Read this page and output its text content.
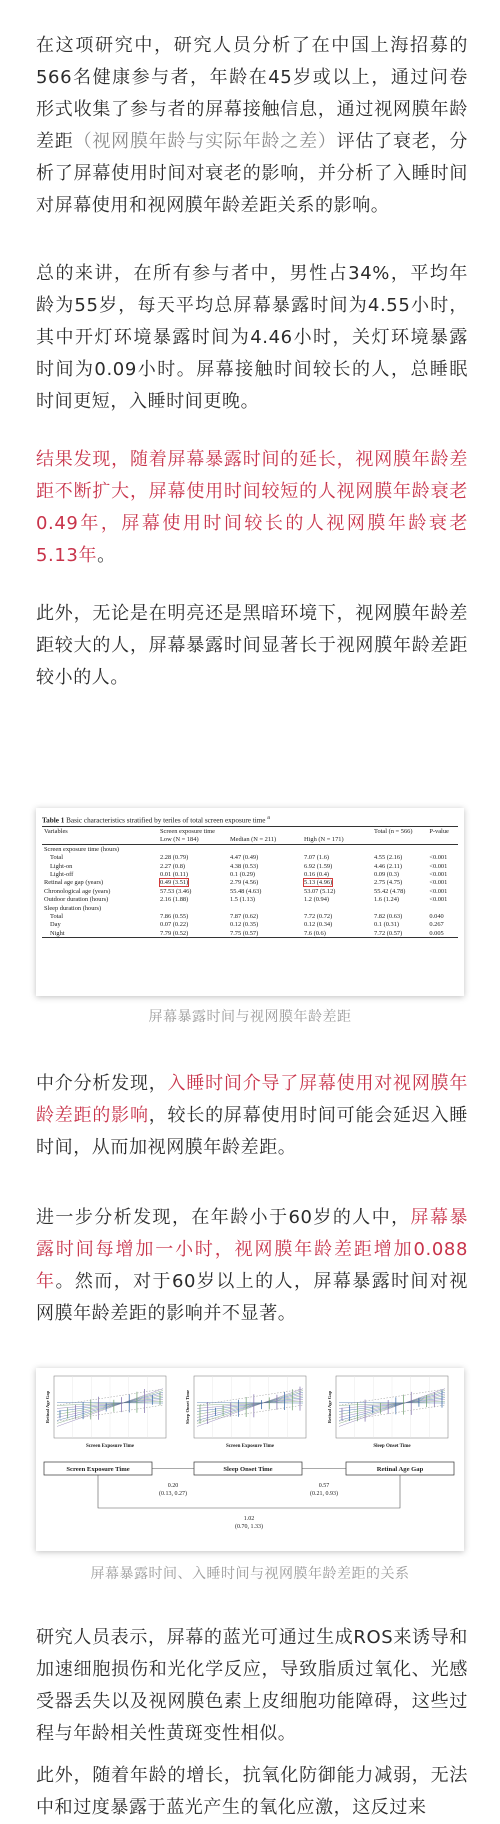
在这项研究中，研究人员分析了在中国上海招募的566名健康参与者，年龄在45岁或以上，通过问卷形式收集了参与者的屏幕接触信息，通过视网膜年龄差距（视网膜年龄与实际年龄之差）评估了衰老，分析了屏幕使用时间对衰老的影响，并分析了入睡时间对屏幕使用和视网膜年龄差距关系的影响。

总的来讲，在所有参与者中，男性占34%，平均年龄为55岁，每天平均总屏幕暴露时间为4.55小时，其中开灯环境暴露时间为4.46小时，关灯环境暴露时间为0.09小时。屏幕接触时间较长的人，总睡眠时间更短，入睡时间更晚。

结果发现，随着屏幕暴露时间的延长，视网膜年龄差距不断扩大，屏幕使用时间较短的人视网膜年龄衰老0.49年，屏幕使用时间较长的人视网膜年龄衰老5.13年。

此外，无论是在明亮还是黑暗环境下，视网膜年龄差距较大的人，屏幕暴露时间显著长于视网膜年龄差距较小的人。

Table 1 Basic characteristics stratified by teriles of total screen exposure time $^a$
Variables	Screen exposure time			Total (n = 566)	P-value
	Low (N = 184)	Median (N = 211)	High (N = 171)		
Screen exposure time (hours)					
Total	2.28 (0.79)	4.47 (0.49)	7.07 (1.6)	4.55 (2.16)	<0.001
Light-on	2.27 (0.8)	4.38 (0.53)	6.92 (1.59)	4.46 (2.11)	<0.001
Light-off	0.01 (0.11)	0.1 (0.29)	0.16 (0.4)	0.09 (0.3)	<0.001
Retinal age gap (years)	0.49 (3.51)	2.79 (4.56)	5.13 (4.96)	2.75 (4.75)	<0.001
Chronological age (years)	57.53 (3.46)	55.48 (4.63)	53.07 (5.12)	55.42 (4.78)	<0.001
Outdoor duration (hours)	2.16 (1.88)	1.5 (1.13)	1.2 (0.94)	1.6 (1.24)	<0.001
Sleep duration (hours)					
Total	7.86 (0.55)	7.87 (0.62)	7.72 (0.72)	7.82 (0.63)	0.040
Day	0.07 (0.22)	0.12 (0.35)	0.12 (0.34)	0.1 (0.31)	0.267
Night	7.79 (0.52)	7.75 (0.57)	7.6 (0.6)	7.72 (0.57)	0.005
屏幕暴露时间与视网膜年龄差距

中介分析发现，入睡时间介导了屏幕使用对视网膜年龄差距的影响，较长的屏幕使用时间可能会延迟入睡时间，从而加视网膜年龄差距。

进一步分析发现，在年龄小于60岁的人中，屏幕暴露时间每增加一小时，视网膜年龄差距增加0.088年。然而，对于60岁以上的人，屏幕暴露时间对视网膜年龄差距的影响并不显著。

Retinal Age Gap
Screen Exposure Time
Sleep Onset Time
Screen Exposure Time
Retinal Age Gap
Sleep Onset Time
Screen Exposure Time	Sleep Onset Time	Retinal Age Gap
0.20
(0.13, 0.27)
0.57
(0.21, 0.93)
1.02
(0.70, 1.33)
屏幕暴露时间、入睡时间与视网膜年龄差距的关系

研究人员表示，屏幕的蓝光可通过生成ROS来诱导和加速细胞损伤和光化学反应，导致脂质过氧化、光感受器丢失以及视网膜色素上皮细胞功能障碍，这些过程与年龄相关性黄斑变性相似。

此外，随着年龄的增长，抗氧化防御能力减弱，无法中和过度暴露于蓝光产生的氧化应激，这反过来
